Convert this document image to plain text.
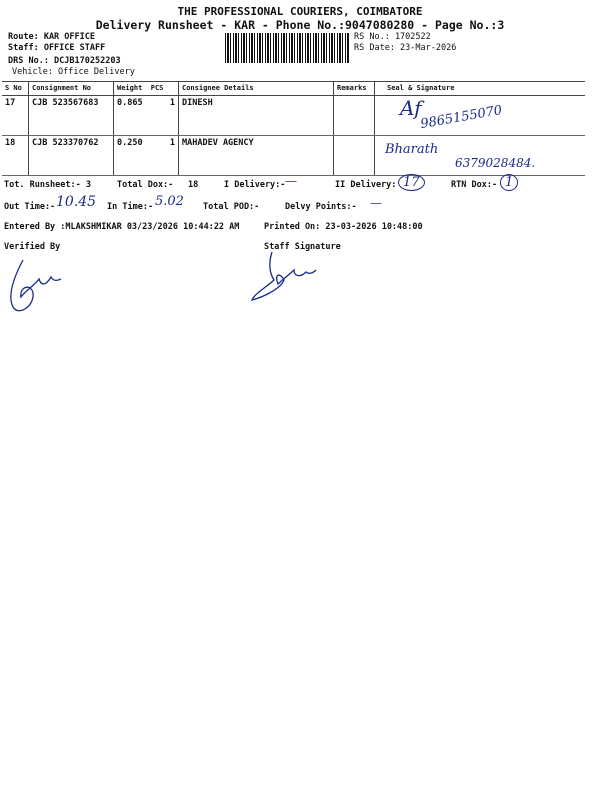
THE PROFESSIONAL COURIERS, COIMBATORE
Delivery Runsheet - KAR - Phone No.:9047080280 - Page No.:3
Route: KAR OFFICE
Staff: OFFICE STAFF
DRS No.: DCJB170252203
Vehicle: Office Delivery
RS No.: 1702522
RS Date: 23-Mar-2026
S No	Consignment No	Weight PCS	Consignee Details	Remarks	Seal & Signature
17	CJB 523567683	0.865 1	DINESH		Af
9865155070

18	CJB 523370762	0.250 1	MAHADEV AGENCY		Bharath
6379028484.
Tot. Runsheet:- 3	Total Dox:- 18	I Delivery:- —	II Delivery: 17	RTN Dox:- 1
Out Time:- 10.45 In Time:- 5.02 Total POD:-	Delvy Points:- —
Entered By :MLAKSHMIKAR 03/23/2026 10:44:22 AM	Printed On: 23-03-2026 10:48:00
Verified By	Staff Signature
